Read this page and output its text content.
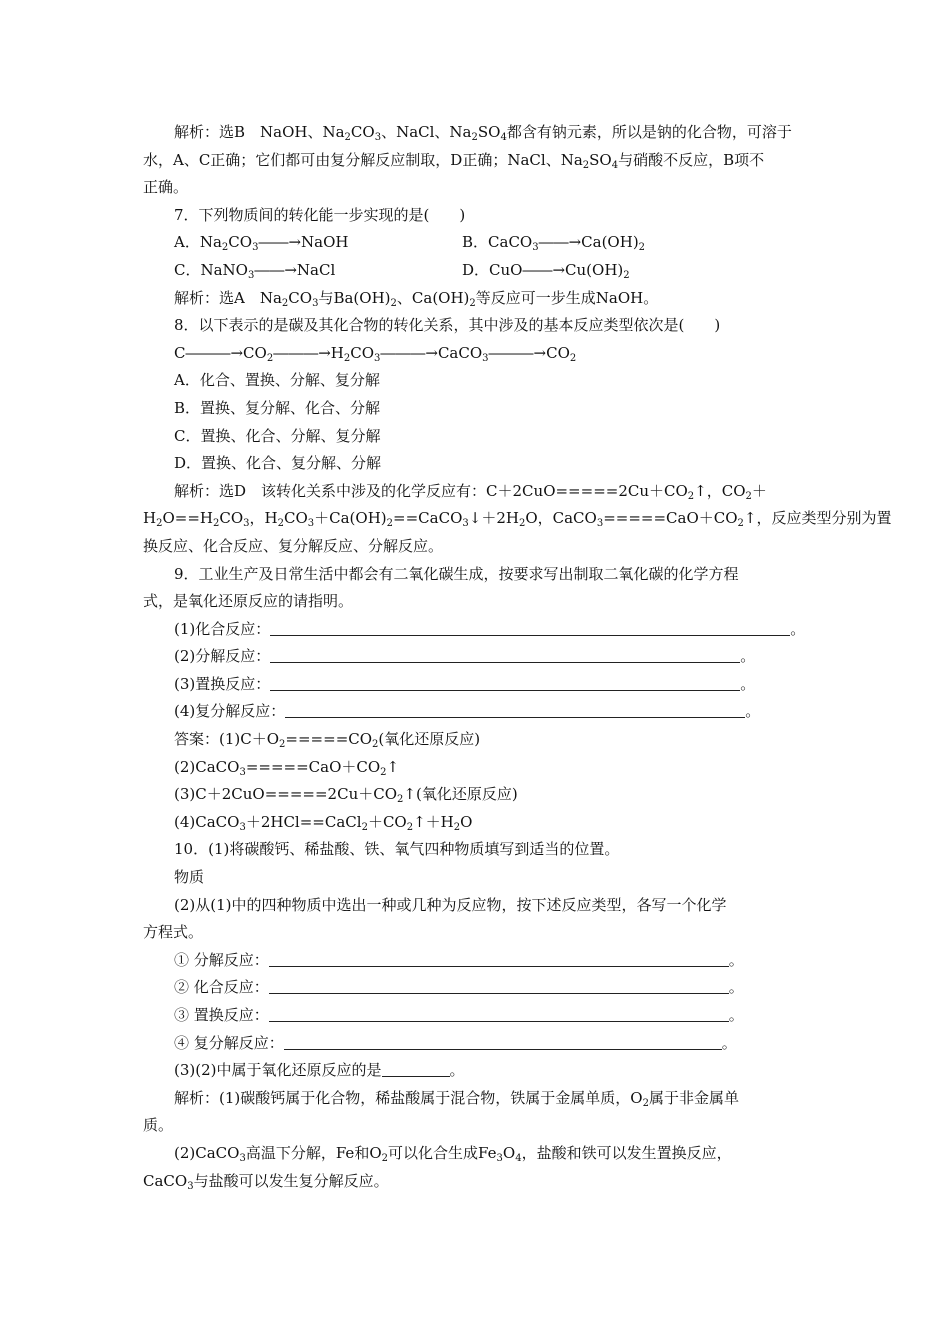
解析：选B　NaOH、$Na_2CO_3$、NaCl、$Na_2SO_4$都含有钠元素，所以是钠的化合物，可溶于
水，A、C正确；它们都可由复分解反应制取，D正确；NaCl、$Na_2SO_4$与硝酸不反应，B项不
正确。
7．下列物质间的转化能一步实现的是(　　)
A．$Na_2CO_3――\to NaOH$	B．$CaCO_3――\to Ca(OH)_2$
C．NaNO$_3$――→NaCl	D．$CuO――\to Cu(OH)_2$
解析：选A　$Na_2CO_3$与$Ba(OH)_2$、$Ca(OH)_2$等反应可一步生成NaOH。
8．以下表示的是碳及其化合物的转化关系，其中涉及的基本反应类型依次是(　　)
$C―――\to CO_2―――\to H_2CO_3―――\to CaCO_3―――\to CO_2$
A．化合、置换、分解、复分解
B．置换、复分解、化合、分解
C．置换、化合、分解、复分解
D．置换、化合、复分解、分解
解析：选D　该转化关系中涉及的化学反应有：$C+2CuO=====2Cu+CO_2↑$，$CO_2+$
$H_2O==H_2CO_3$，$H_2CO_3+Ca(OH)_2==CaCO_3↓+2H_2O$，$CaCO_3=====CaO+CO_2↑$，反应类型分别为置
换反应、化合反应、复分解反应、分解反应。
9．工业生产及日常生活中都会有二氧化碳生成，按要求写出制取二氧化碳的化学方程
式，是氧化还原反应的请指明。
(1)化合反应：	。
(2)分解反应：	。
(3)置换反应：	。
(4)复分解反应：	。
答案：$(1)C+O_2=====CO_2$(氧化还原反应)
$(2)CaCO_3=====CaO+CO_2↑$
$(3)C+2CuO=====2Cu+CO_2↑$(氧化还原反应)
$(4)CaCO_3+2HCl==CaCl_2+CO_2↑+H_2O$
10．(1)将碳酸钙、稀盐酸、铁、氧气四种物质填写到适当的位置。
物质
(2)从(1)中的四种物质中选出一种或几种为反应物，按下述反应类型，各写一个化学
方程式。
① 分解反应：	。
② 化合反应：	。
③ 置换反应：	。
④ 复分解反应：	。
(3)(2)中属于氧化还原反应的是	。
解析：(1)碳酸钙属于化合物，稀盐酸属于混合物，铁属于金属单质，$O_2$属于非金属单
质。
(2)CaCO$_3$高温下分解，Fe和$O_2$可以化合生成$Fe_3O_4$，盐酸和铁可以发生置换反应，
CaCO$_3$与盐酸可以发生复分解反应。
